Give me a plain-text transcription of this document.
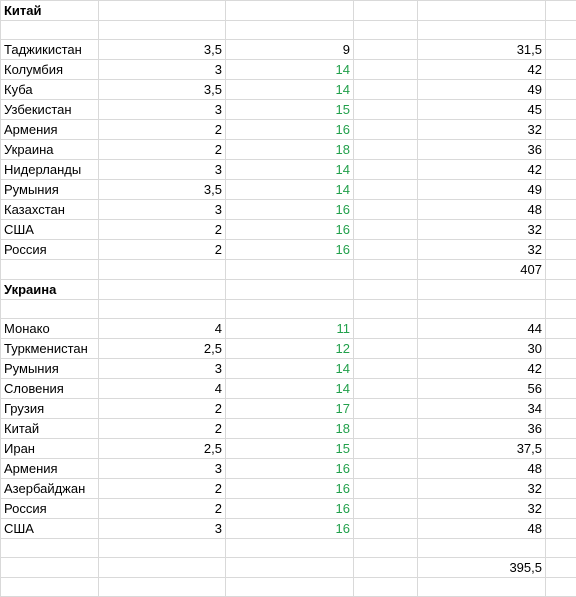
Китай					

Таджикистан	3,5	9		31,5	
Колумбия	3	14		42	
Куба	3,5	14		49	
Узбекистан	3	15		45	
Армения	2	16		32	
Украина	2	18		36	
Нидерланды	3	14		42	
Румыния	3,5	14		49	
Казахстан	3	16		48	
США	2	16		32	
Россия	2	16		32	
				407	
Украина					

Монако	4	11		44	
Туркменистан	2,5	12		30	
Румыния	3	14		42	
Словения	4	14		56	
Грузия	2	17		34	
Китай	2	18		36	
Иран	2,5	15		37,5	
Армения	3	16		48	
Азербайджан	2	16		32	
Россия	2	16		32	
США	3	16		48	

				395,5	
